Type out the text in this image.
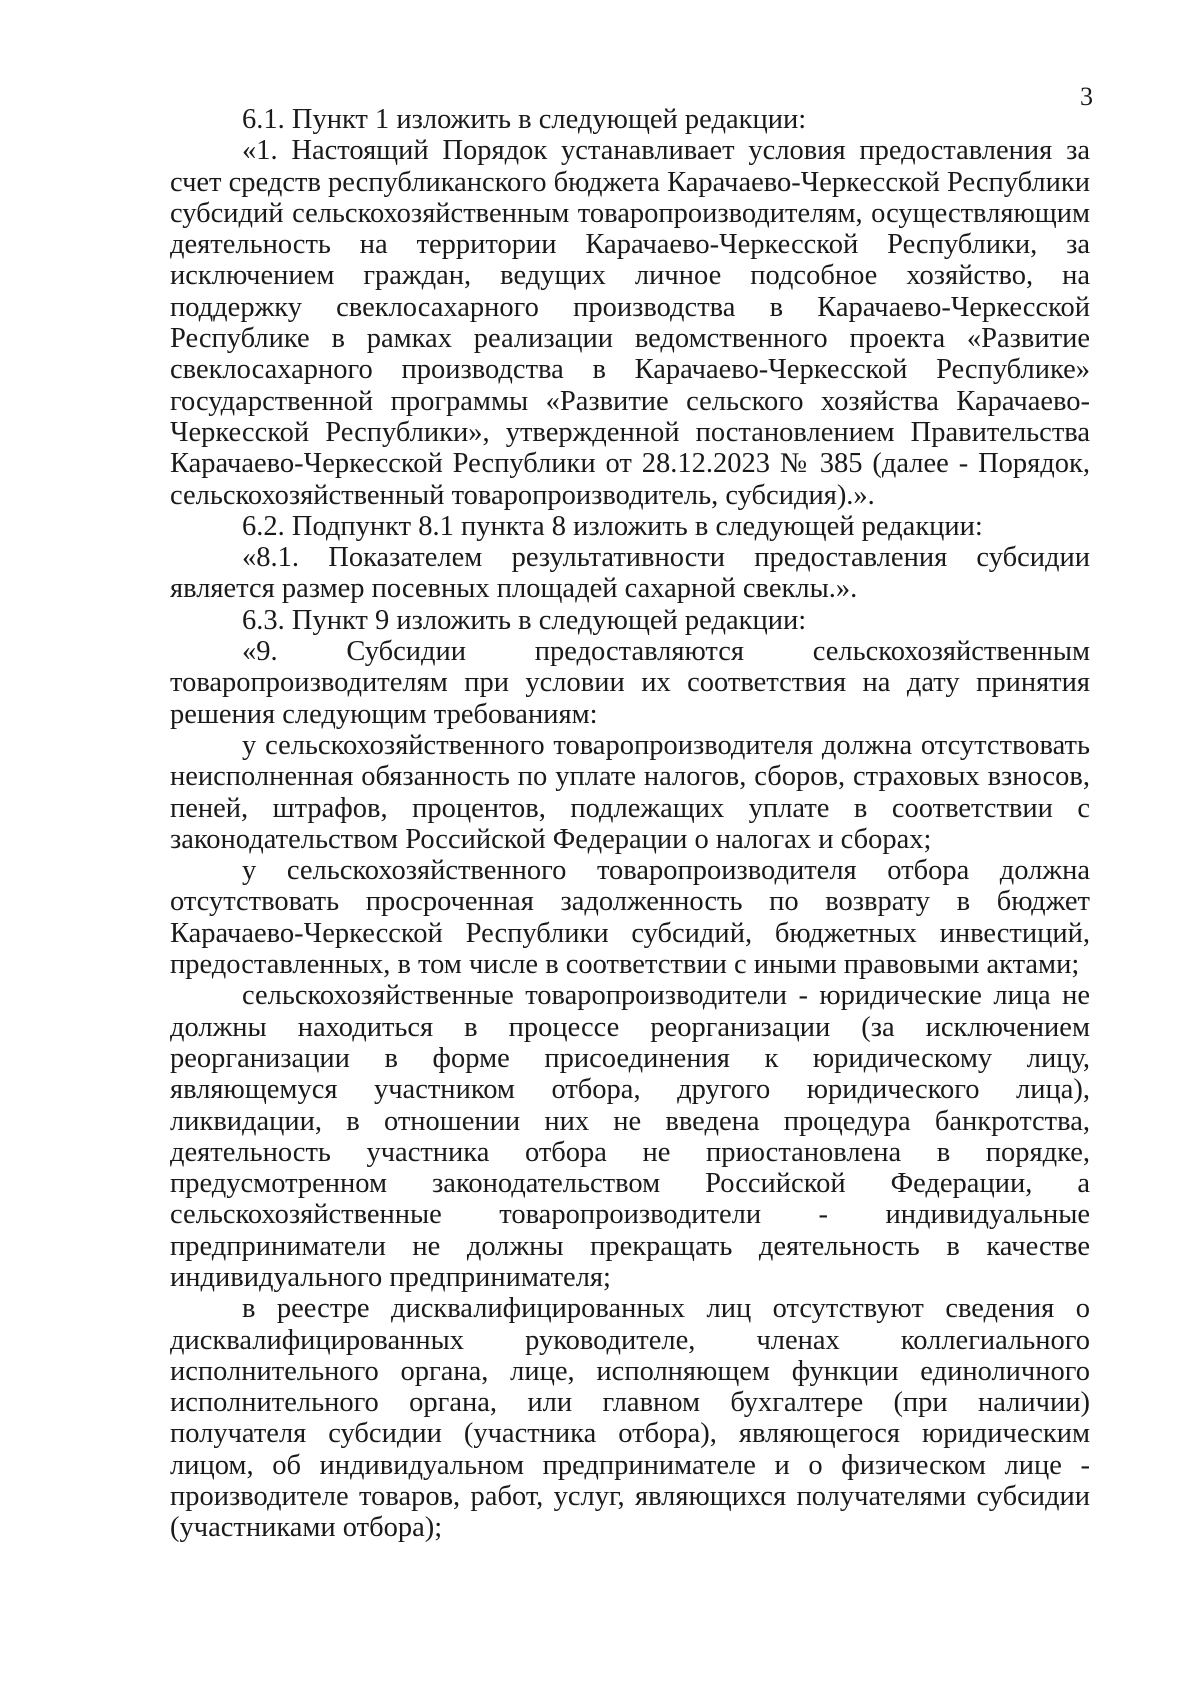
3

6.1. Пункт 1 изложить в следующей редакции:

«1. Настоящий Порядок устанавливает условия предоставления за счет средств республиканского бюджета Карачаево-Черкесской Республики субсидий сельскохозяйственным товаропроизводителям, осуществляющим деятельность на территории Карачаево-Черкесской Республики, за исключением граждан, ведущих личное подсобное хозяйство, на поддержку свеклосахарного производства в Карачаево-Черкесской Республике в рамках реализации ведомственного проекта «Развитие свеклосахарного производства в Карачаево-Черкесской Республике» государственной программы «Развитие сельского хозяйства Карачаево-Черкесской Республики», утвержденной постановлением Правительства Карачаево-Черкесской Республики от 28.12.2023 № 385 (далее - Порядок, сельскохозяйственный товаропроизводитель, субсидия).».

6.2. Подпункт 8.1 пункта 8 изложить в следующей редакции:

«8.1. Показателем результативности предоставления субсидии является размер посевных площадей сахарной свеклы.».

6.3. Пункт 9 изложить в следующей редакции:

«9. Субсидии предоставляются сельскохозяйственным товаропроизводителям при условии их соответствия на дату принятия решения следующим требованиям:

у сельскохозяйственного товаропроизводителя должна отсутствовать неисполненная обязанность по уплате налогов, сборов, страховых взносов, пеней, штрафов, процентов, подлежащих уплате в соответствии с законодательством Российской Федерации о налогах и сборах;

у сельскохозяйственного товаропроизводителя отбора должна отсутствовать просроченная задолженность по возврату в бюджет Карачаево-Черкесской Республики субсидий, бюджетных инвестиций, предоставленных, в том числе в соответствии с иными правовыми актами;

сельскохозяйственные товаропроизводители - юридические лица не должны находиться в процессе реорганизации (за исключением реорганизации в форме присоединения к юридическому лицу, являющемуся участником отбора, другого юридического лица), ликвидации, в отношении них не введена процедура банкротства, деятельность участника отбора не приостановлена в порядке, предусмотренном законодательством Российской Федерации, а сельскохозяйственные товаропроизводители - индивидуальные предприниматели не должны прекращать деятельность в качестве индивидуального предпринимателя;

в реестре дисквалифицированных лиц отсутствуют сведения о дисквалифицированных руководителе, членах коллегиального исполнительного органа, лице, исполняющем функции единоличного исполнительного органа, или главном бухгалтере (при наличии) получателя субсидии (участника отбора), являющегося юридическим лицом, об индивидуальном предпринимателе и о физическом лице - производителе товаров, работ, услуг, являющихся получателями субсидии (участниками отбора);
